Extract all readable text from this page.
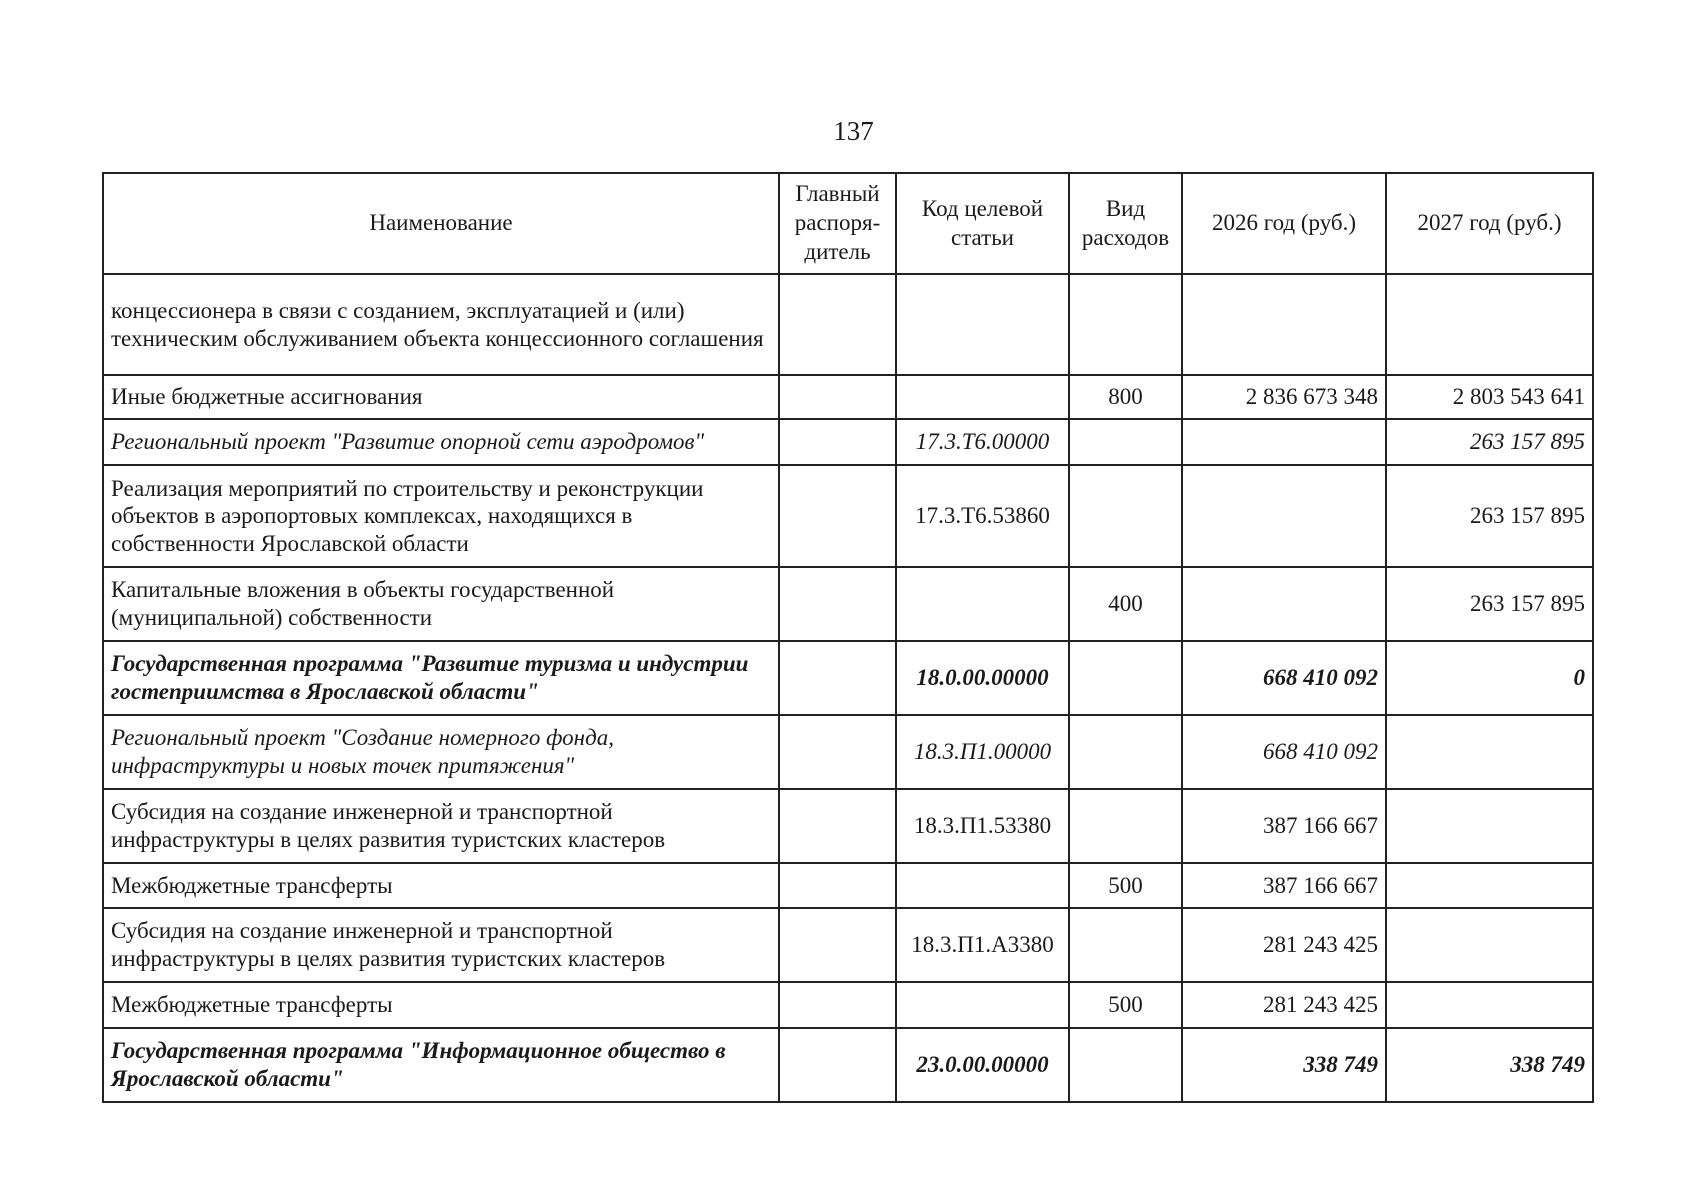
137
Наименование	Главный распоря-дитель	Код целевой статьи	Вид расходов	2026 год (руб.)	2027 год (руб.)
концессионера в связи с созданием, эксплуатацией и (или) техническим обслуживанием объекта концессионного соглашения					
Иные бюджетные ассигнования			800	2 836 673 348	2 803 543 641
Региональный проект "Развитие опорной сети аэродромов"		17.3.Т6.00000			263 157 895
Реализация мероприятий по строительству и реконструкции объектов в аэропортовых комплексах, находящихся в собственности Ярославской области		17.3.Т6.53860			263 157 895
Капитальные вложения в объекты государственной (муниципальной) собственности			400		263 157 895
Государственная программа "Развитие туризма и индустрии гостеприимства в Ярославской области"		18.0.00.00000		668 410 092	0
Региональный проект "Создание номерного фонда, инфраструктуры и новых точек притяжения"		18.3.П1.00000		668 410 092	
Субсидия на создание инженерной и транспортной инфраструктуры в целях развития туристских кластеров		18.3.П1.53380		387 166 667	
Межбюджетные трансферты			500	387 166 667	
Субсидия на создание инженерной и транспортной инфраструктуры в целях развития туристских кластеров		18.3.П1.А3380		281 243 425	
Межбюджетные трансферты			500	281 243 425	
Государственная программа "Информационное общество в Ярославской области"		23.0.00.00000		338 749	338 749
